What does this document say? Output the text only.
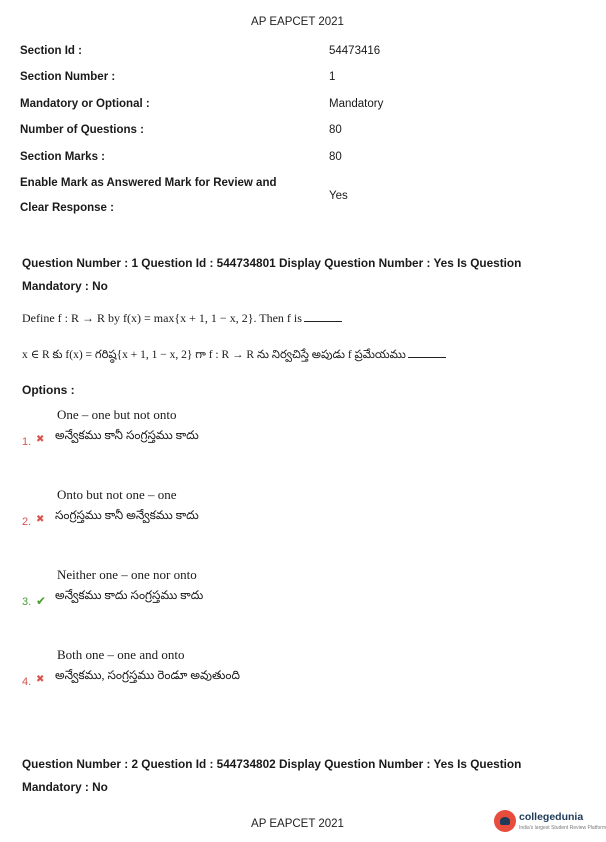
AP EAPCET 2021
Section Id :	54473416
Section Number :	1
Mandatory or Optional :	Mandatory
Number of Questions :	80
Section Marks :	80
Enable Mark as Answered Mark for Review and
Clear Response :
Yes
Question Number : 1 Question Id : 544734801 Display Question Number : Yes Is Question
Mandatory : No
Define f : R → R by f(x) = max{x + 1, 1 − x, 2}. Then f is
x ∈ R కు f(x) = గరిష్ఠ{x + 1, 1 − x, 2} గా f : R → R ను నిర్వచిస్తే అపుడు f ప్రమేయము
Options :
1. ✖
One – one but not onto
అన్వేకము కానీ సంగ్రస్తము కాదు
2. ✖
Onto but not one – one
సంగ్రస్తము కానీ అన్వేకము కాదు
3. ✔
Neither one – one nor onto
అన్వేకము కాదు సంగ్రస్తము కాదు
4. ✖
Both one – one and onto
అన్వేకము, సంగ్రస్తము రెండూ అవుతుంది
Question Number : 2 Question Id : 544734802 Display Question Number : Yes Is Question
Mandatory : No
AP EAPCET 2021
collegedunia
India's largest Student Review Platform
